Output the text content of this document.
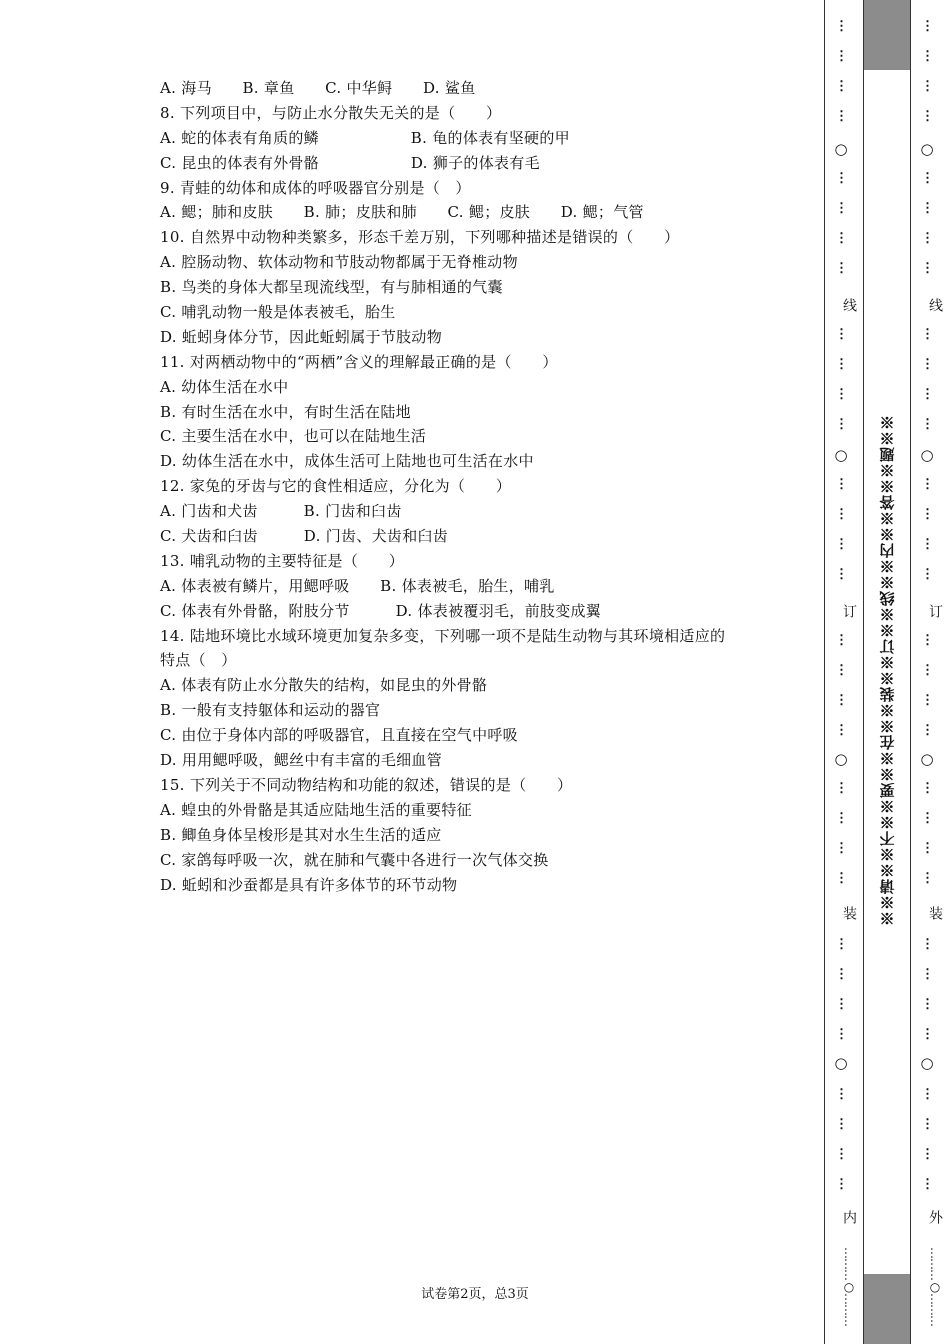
A. 海马　　B. 章鱼　　C. 中华鲟　　D. 鲨鱼
8. 下列项目中，与防止水分散失无关的是（　　）
A. 蛇的体表有角质的鳞　　　　　　B. 龟的体表有坚硬的甲
C. 昆虫的体表有外骨骼　　　　　　D. 狮子的体表有毛
9. 青蛙的幼体和成体的呼吸器官分别是（　）
A. 鳃；肺和皮肤　　B. 肺；皮肤和肺　　C. 鳃；皮肤　　D. 鳃；气管
10. 自然界中动物种类繁多，形态千差万别，下列哪种描述是错误的（　　）
A. 腔肠动物、软体动物和节肢动物都属于无脊椎动物
B. 鸟类的身体大都呈现流线型，有与肺相通的气囊
C. 哺乳动物一般是体表被毛，胎生
D. 蚯蚓身体分节，因此蚯蚓属于节肢动物
11. 对两栖动物中的“两栖”含义的理解最正确的是（　　）
A. 幼体生活在水中
B. 有时生活在水中，有时生活在陆地
C. 主要生活在水中，也可以在陆地生活
D. 幼体生活在水中，成体生活可上陆地也可生活在水中
12. 家兔的牙齿与它的食性相适应，分化为（　　）
A. 门齿和犬齿　　　B. 门齿和臼齿
C. 犬齿和臼齿　　　D. 门齿、犬齿和臼齿
13. 哺乳动物的主要特征是（　　）
A. 体表被有鳞片，用鳃呼吸　　B. 体表被毛，胎生，哺乳
C. 体表有外骨骼，附肢分节　　　D. 体表被覆羽毛，前肢变成翼
14. 陆地环境比水域环境更加复杂多变，下列哪一项不是陆生动物与其环境相适应的
特点（　）
A. 体表有防止水分散失的结构，如昆虫的外骨骼
B. 一般有支持躯体和运动的器官
C. 由位于身体内部的呼吸器官，且直接在空气中呼吸
D. 用用鳃呼吸，鳃丝中有丰富的毛细血管
15. 下列关于不同动物结构和功能的叙述，错误的是（　　）
A. 蝗虫的外骨骼是其适应陆地生活的重要特征
B. 鲫鱼身体呈梭形是其对水生生活的适应
C. 家鸽每呼吸一次，就在肺和气囊中各进行一次气体交换
D. 蚯蚓和沙蚕都是具有许多体节的环节动物
试卷第2页，总3页
⋮
⋮
⋮
⋮
⋮
⋮
⋮
⋮
⋮
⋮
⋮
⋮
⋮
⋮
⋮
⋮
⋮
⋮
⋮
⋮
⋮
⋮
⋮
⋮
⋮
⋮
⋮
⋮
⋮
⋮
⋮
⋮
○
○
○
○
线
订
装
内
………○………
⋮
⋮
⋮
⋮
⋮
⋮
⋮
⋮
⋮
⋮
⋮
⋮
⋮
⋮
⋮
⋮
⋮
⋮
⋮
⋮
⋮
⋮
⋮
⋮
⋮
⋮
⋮
⋮
⋮
⋮
⋮
⋮
○
○
○
○
线
订
装
外
………○………
※※请※※不※※要※※在※※装※※订※※线※※内※※答※※题※※
